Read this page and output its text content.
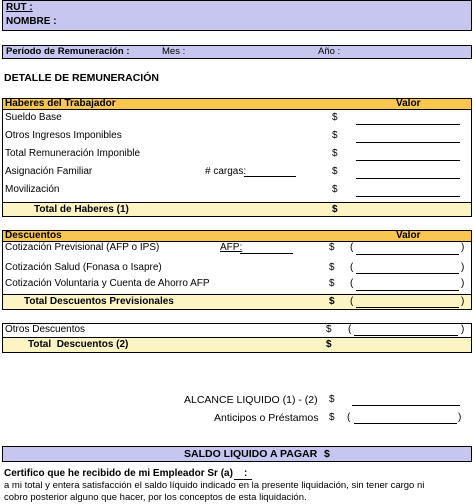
RUT :
NOMBRE :
Período de Remuneración :	Mes :	Año :
DETALLE DE REMUNERACIÓN
Haberes del Trabajador	Valor
Sueldo Base	$
Otros Ingresos Imponibles	$
Total Remuneración Imponible	$
Asignación Familiar	# cargas:	$
Movilización	$
Total de Haberes (1)	$
Descuentos	Valor
Cotización Previsional (AFP o IPS)	AFP:	$ (	)
Cotización Salud (Fonasa o Isapre)	$ (	)
Cotización Voluntaria y Cuenta de Ahorro AFP	$ (	)
Total Descuentos Previsionales	$ (	)
Otros Descuentos	$ (	)
Total  Descuentos (2)	$
ALCANCE LIQUIDO (1) - (2) $
Anticipos o Préstamos $ (	)
SALDO LIQUIDO A PAGAR $
Certifico que he recibido de mi Empleador Sr (a) :
a mi total y entera satisfacción el saldo líquido indicado en la presente liquidación, sin tener cargo ni
cobro posterior alguno que hacer, por los conceptos de esta liquidación.
